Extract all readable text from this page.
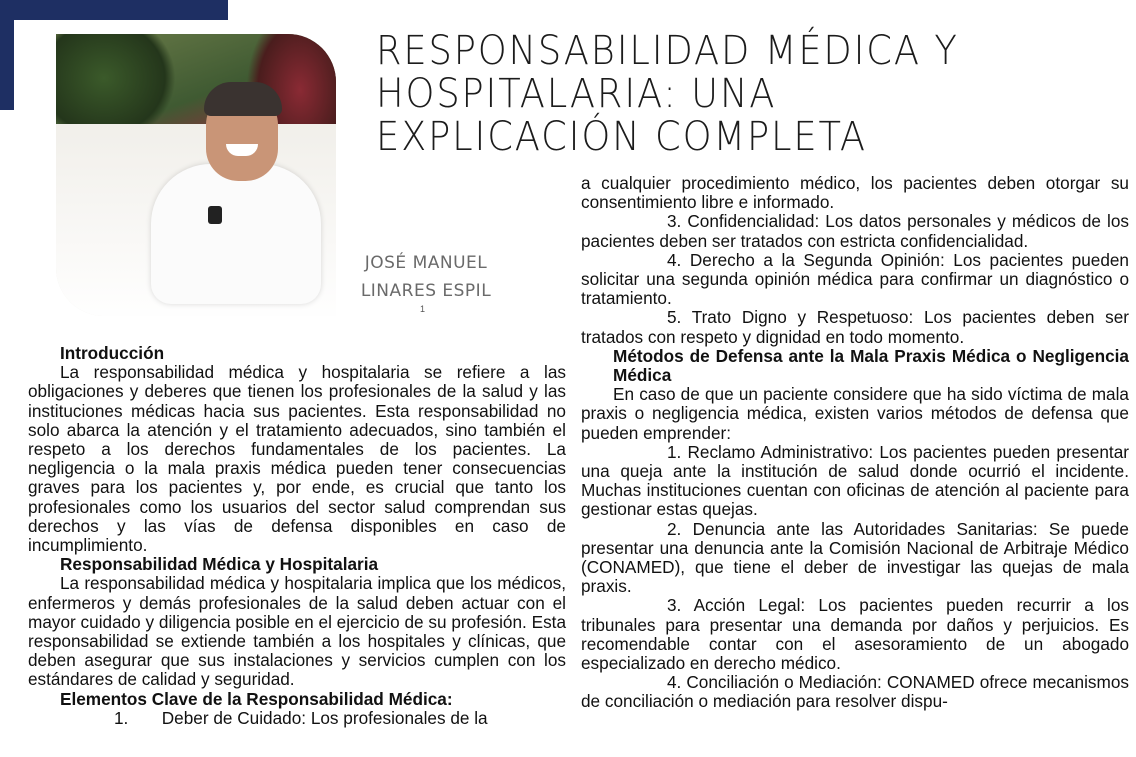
RESPONSABILIDAD MÉDICA Y HOSPITALARIA: UNA EXPLICACIÓN COMPLETA
JOSÉ MANUEL
LINARES ESPIL
1

Introducción

La responsabilidad médica y hospitalaria se refiere a las obligaciones y deberes que tienen los profesionales de la salud y las instituciones médicas hacia sus pacientes. Esta responsabilidad no solo abarca la atención y el tratamiento adecuados, sino también el respeto a los derechos fundamentales de los pacientes. La negligencia o la mala praxis médica pueden tener consecuencias graves para los pacientes y, por ende, es crucial que tanto los profesionales como los usuarios del sector salud comprendan sus derechos y las vías de defensa disponibles en caso de incumplimiento.

Responsabilidad Médica y Hospitalaria

La responsabilidad médica y hospitalaria implica que los médicos, enfermeros y demás profesionales de la salud deben actuar con el mayor cuidado y diligencia posible en el ejercicio de su profesión. Esta responsabilidad se extiende también a los hospitales y clínicas, que deben asegurar que sus instalaciones y servicios cumplen con los estándares de calidad y seguridad.

Elementos Clave de la Responsabilidad Médica:

1.       Deber de Cuidado: Los profesionales de la

a cualquier procedimiento médico, los pacientes deben otorgar su consentimiento libre e informado.

3. Confidencialidad: Los datos personales y médicos de los pacientes deben ser tratados con estricta confidencialidad.

4. Derecho a la Segunda Opinión: Los pacientes pueden solicitar una segunda opinión médica para confirmar un diagnóstico o tratamiento.

5. Trato Digno y Respetuoso: Los pacientes deben ser tratados con respeto y dignidad en todo momento.

Métodos de Defensa ante la Mala Praxis Médica o Negligencia Médica

En caso de que un paciente considere que ha sido víctima de mala praxis o negligencia médica, existen varios métodos de defensa que pueden emprender:

1. Reclamo Administrativo: Los pacientes pueden presentar una queja ante la institución de salud donde ocurrió el incidente. Muchas instituciones cuentan con oficinas de atención al paciente para gestionar estas quejas.

2. Denuncia ante las Autoridades Sanitarias: Se puede presentar una denuncia ante la Comisión Nacional de Arbitraje Médico (CONAMED), que tiene el deber de investigar las quejas de mala praxis.

3. Acción Legal: Los pacientes pueden recurrir a los tribunales para presentar una demanda por daños y perjuicios. Es recomendable contar con el asesoramiento de un abogado especializado en derecho médico.

4. Conciliación o Mediación: CONAMED ofrece mecanismos de conciliación o mediación para resolver dispu-
